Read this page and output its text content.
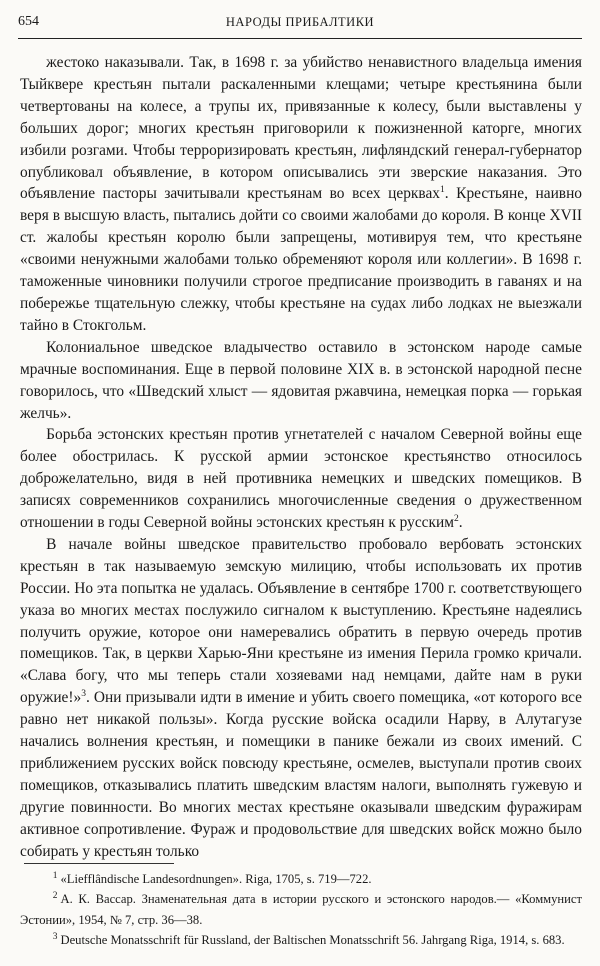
654	НАРОДЫ ПРИБАЛТИКИ

жестоко наказывали. Так, в 1698 г. за убийство ненавистного владельца имения Тыйквере крестьян пытали раскаленными клещами; четыре крестьянина были четвертованы на колесе, а трупы их, привязанные к колесу, были выставлены у больших дорог; многих крестьян приговорили к пожизненной каторге, многих избили розгами. Чтобы терроризировать крестьян, лифляндский генерал-губернатор опубликовал объявление, в котором описывались эти зверские наказания. Это объявление пасторы зачитывали крестьянам во всех церквах$^1$. Крестьяне, наивно веря в высшую власть, пытались дойти со своими жалобами до короля. В конце XVII ст. жалобы крестьян королю были запрещены, мотивируя тем, что крестьяне «своими ненужными жалобами только обременяют короля или коллегии». В 1698 г. таможенные чиновники получили строгое предписание производить в гаванях и на побережье тщательную слежку, чтобы крестьяне на судах либо лодках не выезжали тайно в Стокгольм.

Колониальное шведское владычество оставило в эстонском народе самые мрачные воспоминания. Еще в первой половине XIX в. в эстонской народной песне говорилось, что «Шведский хлыст — ядовитая ржавчина, немецкая порка — горькая желчь».

Борьба эстонских крестьян против угнетателей с началом Северной войны еще более обострилась. К русской армии эстонское крестьянство относилось доброжелательно, видя в ней противника немецких и шведских помещиков. В записях современников сохранились многочисленные сведения о дружественном отношении в годы Северной войны эстонских крестьян к русским$^2$.

В начале войны шведское правительство пробовало вербовать эстонских крестьян в так называемую земскую милицию, чтобы использовать их против России. Но эта попытка не удалась. Объявление в сентябре 1700 г. соответствующего указа во многих местах послужило сигналом к выступлению. Крестьяне надеялись получить оружие, которое они намеревались обратить в первую очередь против помещиков. Так, в церкви Харью-Яни крестьяне из имения Перила громко кричали. «Слава богу, что мы теперь стали хозяевами над немцами, дайте нам в руки оружие!»$^3$. Они призывали идти в имение и убить своего помещика, «от которого все равно нет никакой пользы». Когда русские войска осадили Нарву, в Алутагузе начались волнения крестьян, и помещики в панике бежали из своих имений. С приближением русских войск повсюду крестьяне, осмелев, выступали против своих помещиков, отказывались платить шведским властям налоги, выполнять гужевую и другие повинности. Во многих местах крестьяне оказывали шведским фуражирам активное сопротивление. Фураж и продовольствие для шведских войск можно было собирать у крестьян только

$^1$ «Liefflândische Landesordnungen». Riga, 1705, s. 719—722.

$^2$ А. К. Вассар. Знаменательная дата в истории русского и эстонского народов.— «Коммунист Эстонии», 1954, № 7, стр. 36—38.

$^3$ Deutsche Monatsschrift für Russland, der Baltischen Monatsschrift 56. Jahrgang Riga, 1914, s. 683.
